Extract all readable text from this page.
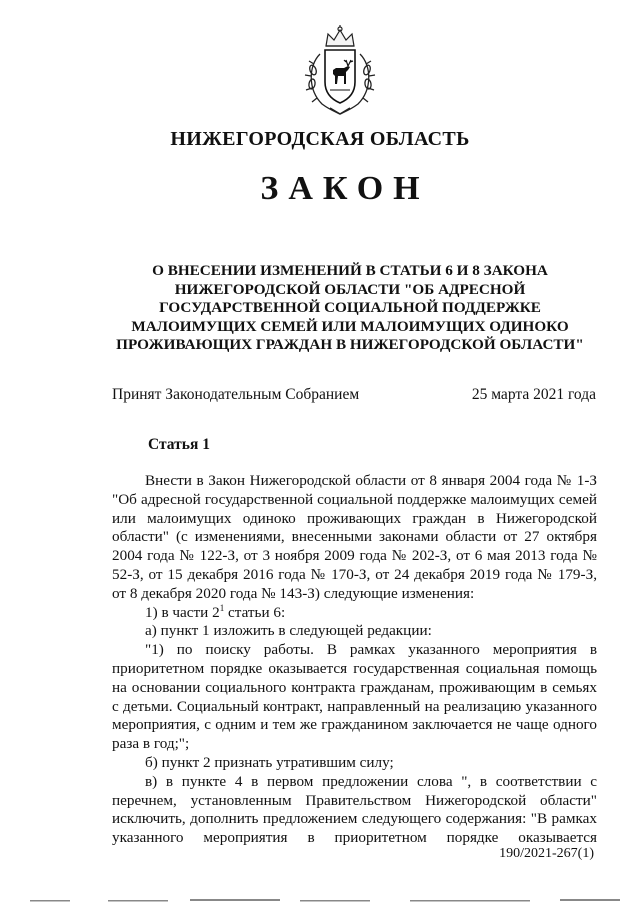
НИЖЕГОРОДСКАЯ ОБЛАСТЬ
ЗАКОН
О ВНЕСЕНИИ ИЗМЕНЕНИЙ В СТАТЬИ 6 И 8 ЗАКОНА
НИЖЕГОРОДСКОЙ ОБЛАСТИ "ОБ АДРЕСНОЙ
ГОСУДАРСТВЕННОЙ СОЦИАЛЬНОЙ ПОДДЕРЖКЕ
МАЛОИМУЩИХ СЕМЕЙ ИЛИ МАЛОИМУЩИХ ОДИНОКО
ПРОЖИВАЮЩИХ ГРАЖДАН В НИЖЕГОРОДСКОЙ ОБЛАСТИ"
Принят Законодательным Собранием	25 марта 2021 года
Статья 1

Внести в Закон Нижегородской области от 8 января 2004 года № 1-З "Об адресной государственной социальной поддержке малоимущих семей или малоимущих одиноко проживающих граждан в Нижегородской области" (с изменениями, внесенными законами области от 27 октября 2004 года № 122-З, от 3 ноября 2009 года № 202-З, от 6 мая 2013 года № 52-З, от 15 декабря 2016 года № 170-З, от 24 декабря 2019 года № 179-З, от 8 декабря 2020 года № 143-З) следующие изменения:

1) в части $2^1$ статьи 6:

а) пункт 1 изложить в следующей редакции:

"1) по поиску работы. В рамках указанного мероприятия в приоритетном порядке оказывается государственная социальная помощь на основании социального контракта гражданам, проживающим в семьях с детьми. Социальный контракт, направленный на реализацию указанного мероприятия, с одним и тем же гражданином заключается не чаще одного раза в год;";

б) пункт 2 признать утратившим силу;

в) в пункте 4 в первом предложении слова ", в соответствии с перечнем, установленным Правительством Нижегородской области" исключить, дополнить предложением следующего содержания: "В рамках указанного мероприятия в приоритетном порядке оказывается

190/2021-267(1)
